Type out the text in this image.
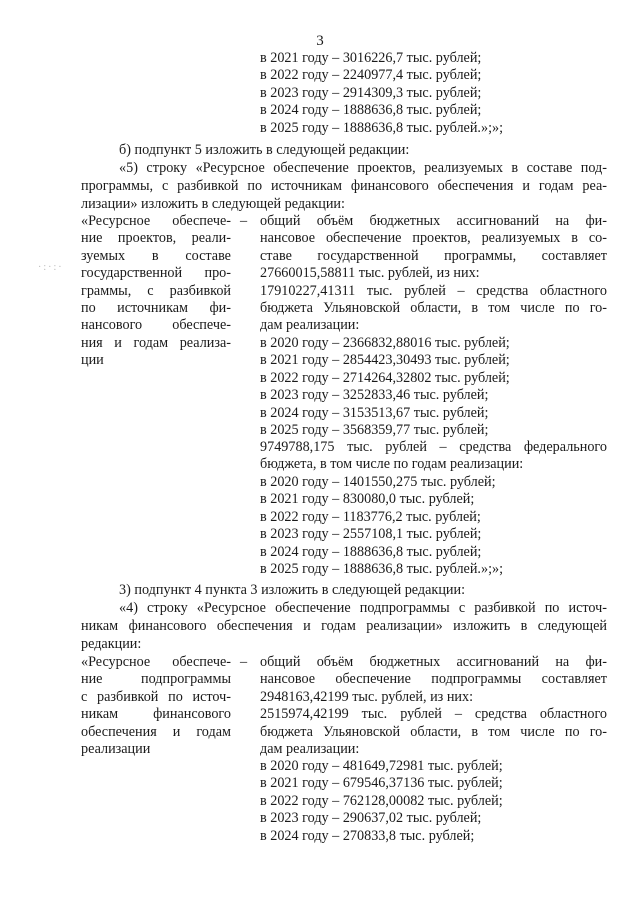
3
в 2021 году – 3016226,7 тыс. рублей;
в 2022 году – 2240977,4 тыс. рублей;
в 2023 году – 2914309,3 тыс. рублей;
в 2024 году – 1888636,8 тыс. рублей;
в 2025 году – 1888636,8 тыс. рублей.»;»;
б) подпункт 5 изложить в следующей редакции:
«5) строку «Ресурсное обеспечение проектов, реализуемых в составе под-
программы, с разбивкой по источникам финансового обеспечения и годам реа-
лизации» изложить в следующей редакции:
«Ресурсное обеспече-
ние проектов, реали-
зуемых в составе
государственной про-
граммы, с разбивкой
по источникам фи-
нансового обеспече-
ния и годам реализа-
ции
–
·:·:·
общий объём бюджетных ассигнований на фи-
нансовое обеспечение проектов, реализуемых в со-
ставе государственной программы, составляет
27660015,58811 тыс. рублей, из них:
17910227,41311 тыс. рублей – средства областного
бюджета Ульяновской области, в том числе по го-
дам реализации:
в 2020 году – 2366832,88016 тыс. рублей;
в 2021 году – 2854423,30493 тыс. рублей;
в 2022 году – 2714264,32802 тыс. рублей;
в 2023 году – 3252833,46 тыс. рублей;
в 2024 году – 3153513,67 тыс. рублей;
в 2025 году – 3568359,77 тыс. рублей;
9749788,175 тыс. рублей – средства федерального
бюджета, в том числе по годам реализации:
в 2020 году – 1401550,275 тыс. рублей;
в 2021 году – 830080,0 тыс. рублей;
в 2022 году – 1183776,2 тыс. рублей;
в 2023 году – 2557108,1 тыс. рублей;
в 2024 году – 1888636,8 тыс. рублей;
в 2025 году – 1888636,8 тыс. рублей.»;»;
3) подпункт 4 пункта 3 изложить в следующей редакции:
«4) строку «Ресурсное обеспечение подпрограммы с разбивкой по источ-
никам финансового обеспечения и годам реализации» изложить в следующей
редакции:
«Ресурсное обеспече-
ние подпрограммы
с разбивкой по источ-
никам финансового
обеспечения и годам
реализации
– общий объём бюджетных ассигнований на фи-
нансовое обеспечение подпрограммы составляет
2948163,42199 тыс. рублей, из них:
2515974,42199 тыс. рублей – средства областного
бюджета Ульяновской области, в том числе по го-
дам реализации:
в 2020 году – 481649,72981 тыс. рублей;
в 2021 году – 679546,37136 тыс. рублей;
в 2022 году – 762128,00082 тыс. рублей;
в 2023 году – 290637,02 тыс. рублей;
в 2024 году – 270833,8 тыс. рублей;
